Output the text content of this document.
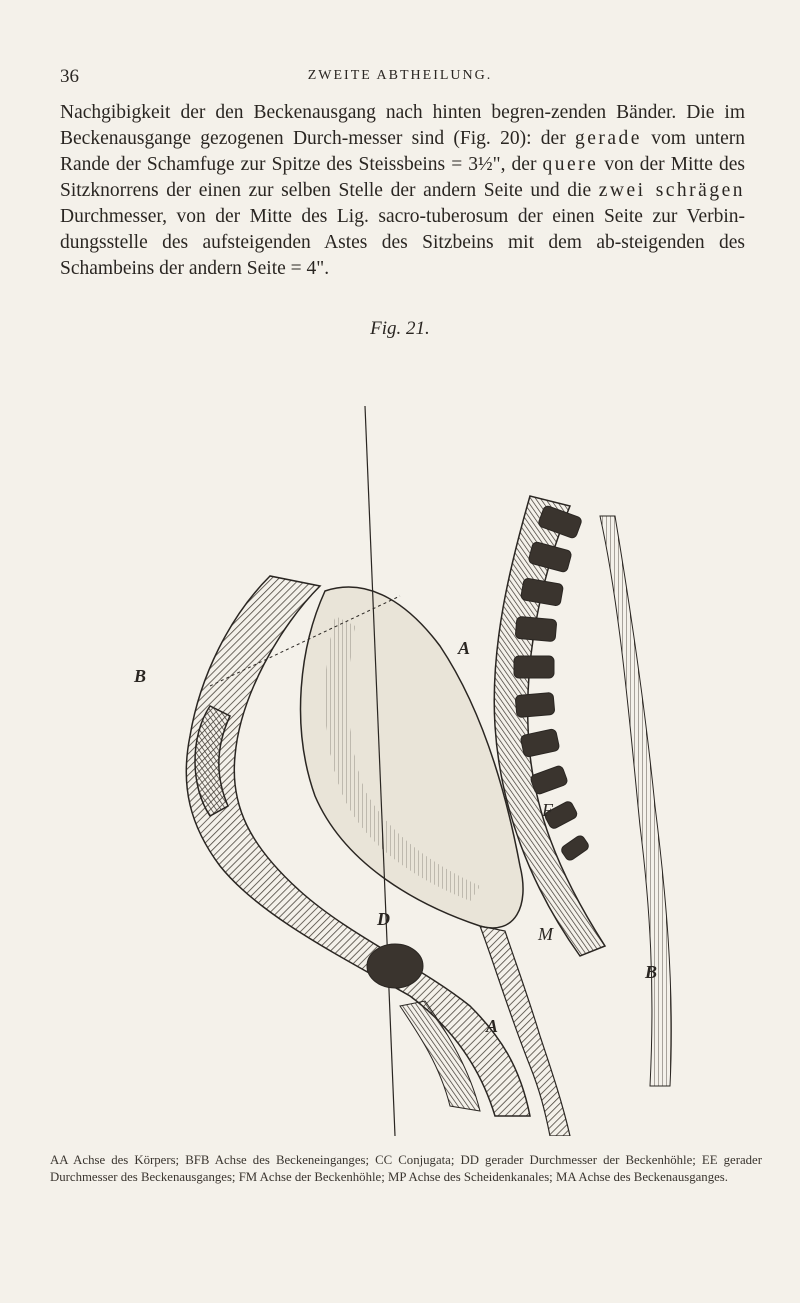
36	ZWEITE ABTHEILUNG.
Nachgibigkeit der den Beckenausgang nach hinten begren-zenden Bänder. Die im Beckenausgange gezogenen Durch-messer sind (Fig. 20): der gerade vom untern Rande der Schamfuge zur Spitze des Steissbeins = 3½", der quere von der Mitte des Sitzknorrens der einen zur selben Stelle der andern Seite und die zwei schrägen Durchmesser, von der Mitte des Lig. sacro-tuberosum der einen Seite zur Verbin-dungsstelle des aufsteigenden Astes des Sitzbeins mit dem ab-steigenden des Schambeins der andern Seite = 4".
Fig. 21.
A
B
F
D
M
B
A
AA Achse des Körpers; BFB Achse des Beckeneinganges; CC Conjugata; DD gerader Durchmesser der Beckenhöhle; EE gerader Durchmesser des Beckenausganges; FM Achse der Beckenhöhle; MP Achse des Scheidenkanales; MA Achse des Beckenausganges.
